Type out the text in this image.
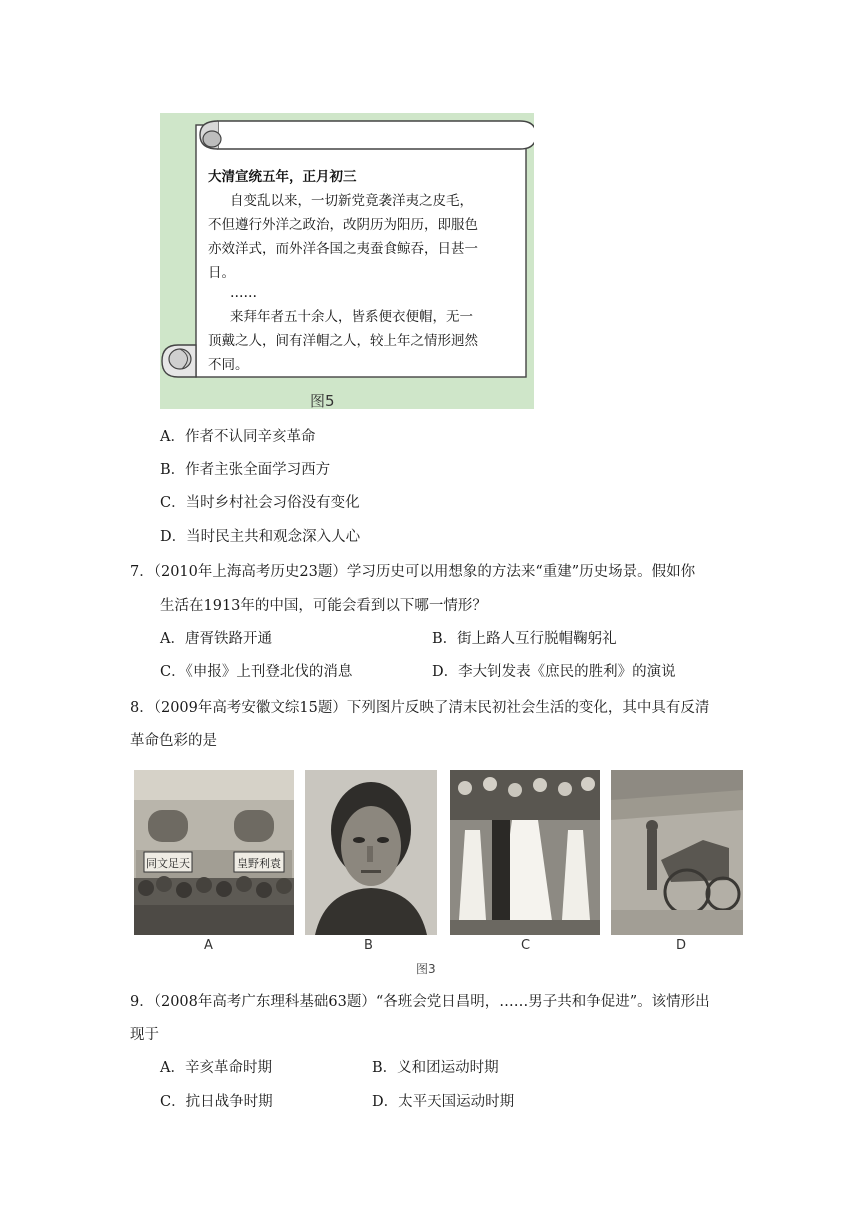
大清宣统五年，正月初三
自变乱以来，一切新党竟袭洋夷之皮毛，
不但遵行外洋之政治，改阴历为阳历，即服色
亦效洋式，而外洋各国之夷蚕食鲸吞，日甚一
日。
……
来拜年者五十余人，皆系便衣便帽，无一
顶戴之人，间有洋帽之人，较上年之情形迥然
不同。
图5
A．作者不认同辛亥革命
B．作者主张全面学习西方
C．当时乡村社会习俗没有变化
D．当时民主共和观念深入人心
7．（2010年上海高考历史23题）学习历史可以用想象的方法来“重建”历史场景。假如你
生活在1913年的中国，可能会看到以下哪一情形？
A．唐胥铁路开通	B．街上路人互行脱帽鞠躬礼
C．《申报》上刊登北伐的消息	D．李大钊发表《庶民的胜利》的演说
8．（2009年高考安徽文综15题）下列图片反映了清末民初社会生活的变化，其中具有反清
革命色彩的是
同文足天	皇野利袁
A	B	C	D
图3
9．（2008年高考广东理科基础63题）“各班会党日昌明，……男子共和争促进”。该情形出
现于
A．辛亥革命时期	B．义和团运动时期
C．抗日战争时期	D．太平天国运动时期
